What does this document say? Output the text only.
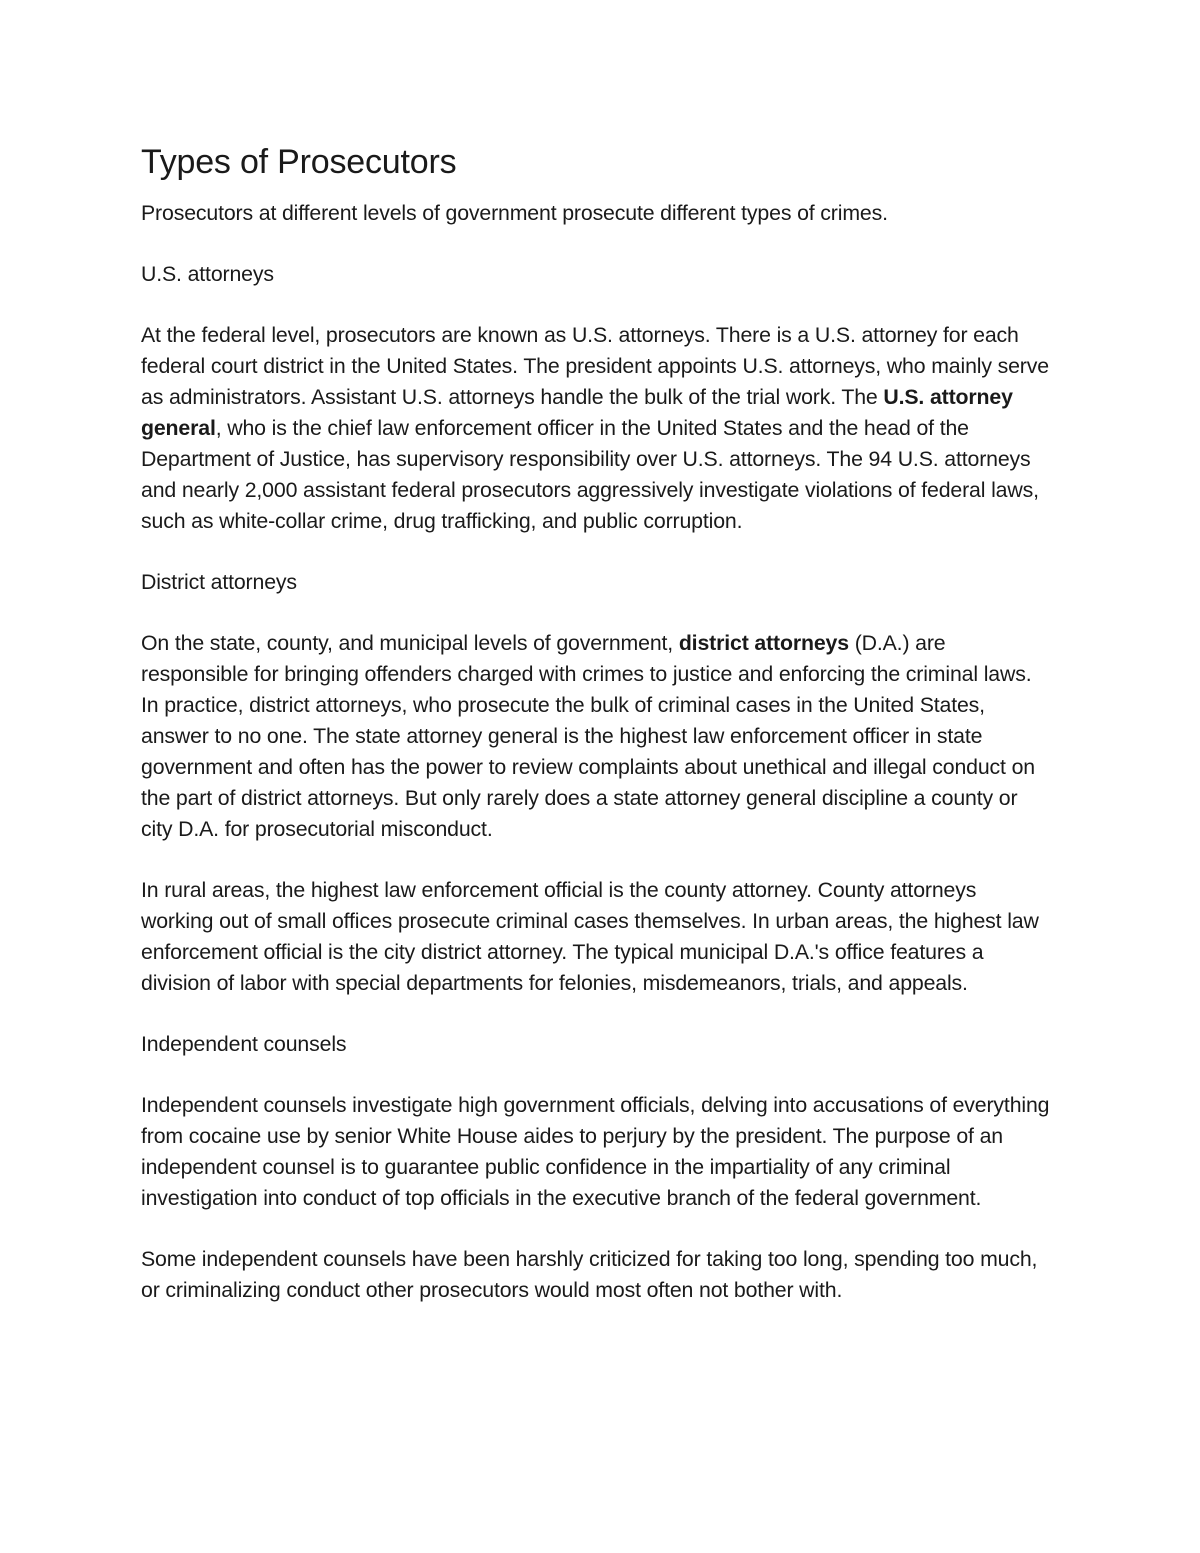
Types of Prosecutors

Prosecutors at different levels of government prosecute different types of crimes.

U.S. attorneys

At the federal level, prosecutors are known as U.S. attorneys. There is a U.S. attorney for each federal court district in the United States. The president appoints U.S. attorneys, who mainly serve as administrators. Assistant U.S. attorneys handle the bulk of the trial work. The U.S. attorney general, who is the chief law enforcement officer in the United States and the head of the Department of Justice, has supervisory responsibility over U.S. attorneys. The 94 U.S. attorneys and nearly 2,000 assistant federal prosecutors aggressively investigate violations of federal laws, such as white-collar crime, drug trafficking, and public corruption.

District attorneys

On the state, county, and municipal levels of government, district attorneys (D.A.) are responsible for bringing offenders charged with crimes to justice and enforcing the criminal laws. In practice, district attorneys, who prosecute the bulk of criminal cases in the United States, answer to no one. The state attorney general is the highest law enforcement officer in state government and often has the power to review complaints about unethical and illegal conduct on the part of district attorneys. But only rarely does a state attorney general discipline a county or city D.A. for prosecutorial misconduct.

In rural areas, the highest law enforcement official is the county attorney. County attorneys working out of small offices prosecute criminal cases themselves. In urban areas, the highest law enforcement official is the city district attorney. The typical municipal D.A.'s office features a division of labor with special departments for felonies, misdemeanors, trials, and appeals.

Independent counsels

Independent counsels investigate high government officials, delving into accusations of everything from cocaine use by senior White House aides to perjury by the president. The purpose of an independent counsel is to guarantee public confidence in the impartiality of any criminal investigation into conduct of top officials in the executive branch of the federal government.

Some independent counsels have been harshly criticized for taking too long, spending too much, or criminalizing conduct other prosecutors would most often not bother with.
